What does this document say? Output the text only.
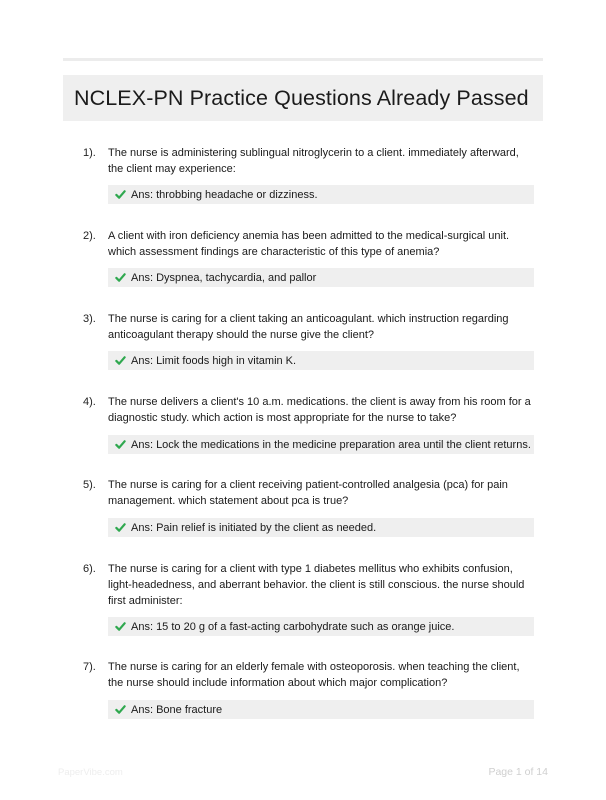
NCLEX-PN Practice Questions Already Passed
1). The nurse is administering sublingual nitroglycerin to a client. immediately afterward, the client may experience:
Ans: throbbing headache or dizziness.
2). A client with iron deficiency anemia has been admitted to the medical-surgical unit. which assessment findings are characteristic of this type of anemia?
Ans: Dyspnea, tachycardia, and pallor
3). The nurse is caring for a client taking an anticoagulant. which instruction regarding anticoagulant therapy should the nurse give the client?
Ans: Limit foods high in vitamin K.
4). The nurse delivers a client's 10 a.m. medications. the client is away from his room for a diagnostic study. which action is most appropriate for the nurse to take?
Ans: Lock the medications in the medicine preparation area until the client returns.
5). The nurse is caring for a client receiving patient-controlled analgesia (pca) for pain management. which statement about pca is true?
Ans: Pain relief is initiated by the client as needed.
6). The nurse is caring for a client with type 1 diabetes mellitus who exhibits confusion, light-headedness, and aberrant behavior. the client is still conscious. the nurse should first administer:
Ans: 15 to 20 g of a fast-acting carbohydrate such as orange juice.
7). The nurse is caring for an elderly female with osteoporosis. when teaching the client, the nurse should include information about which major complication?
Ans: Bone fracture
PaperVibe.com	Page 1 of 14
